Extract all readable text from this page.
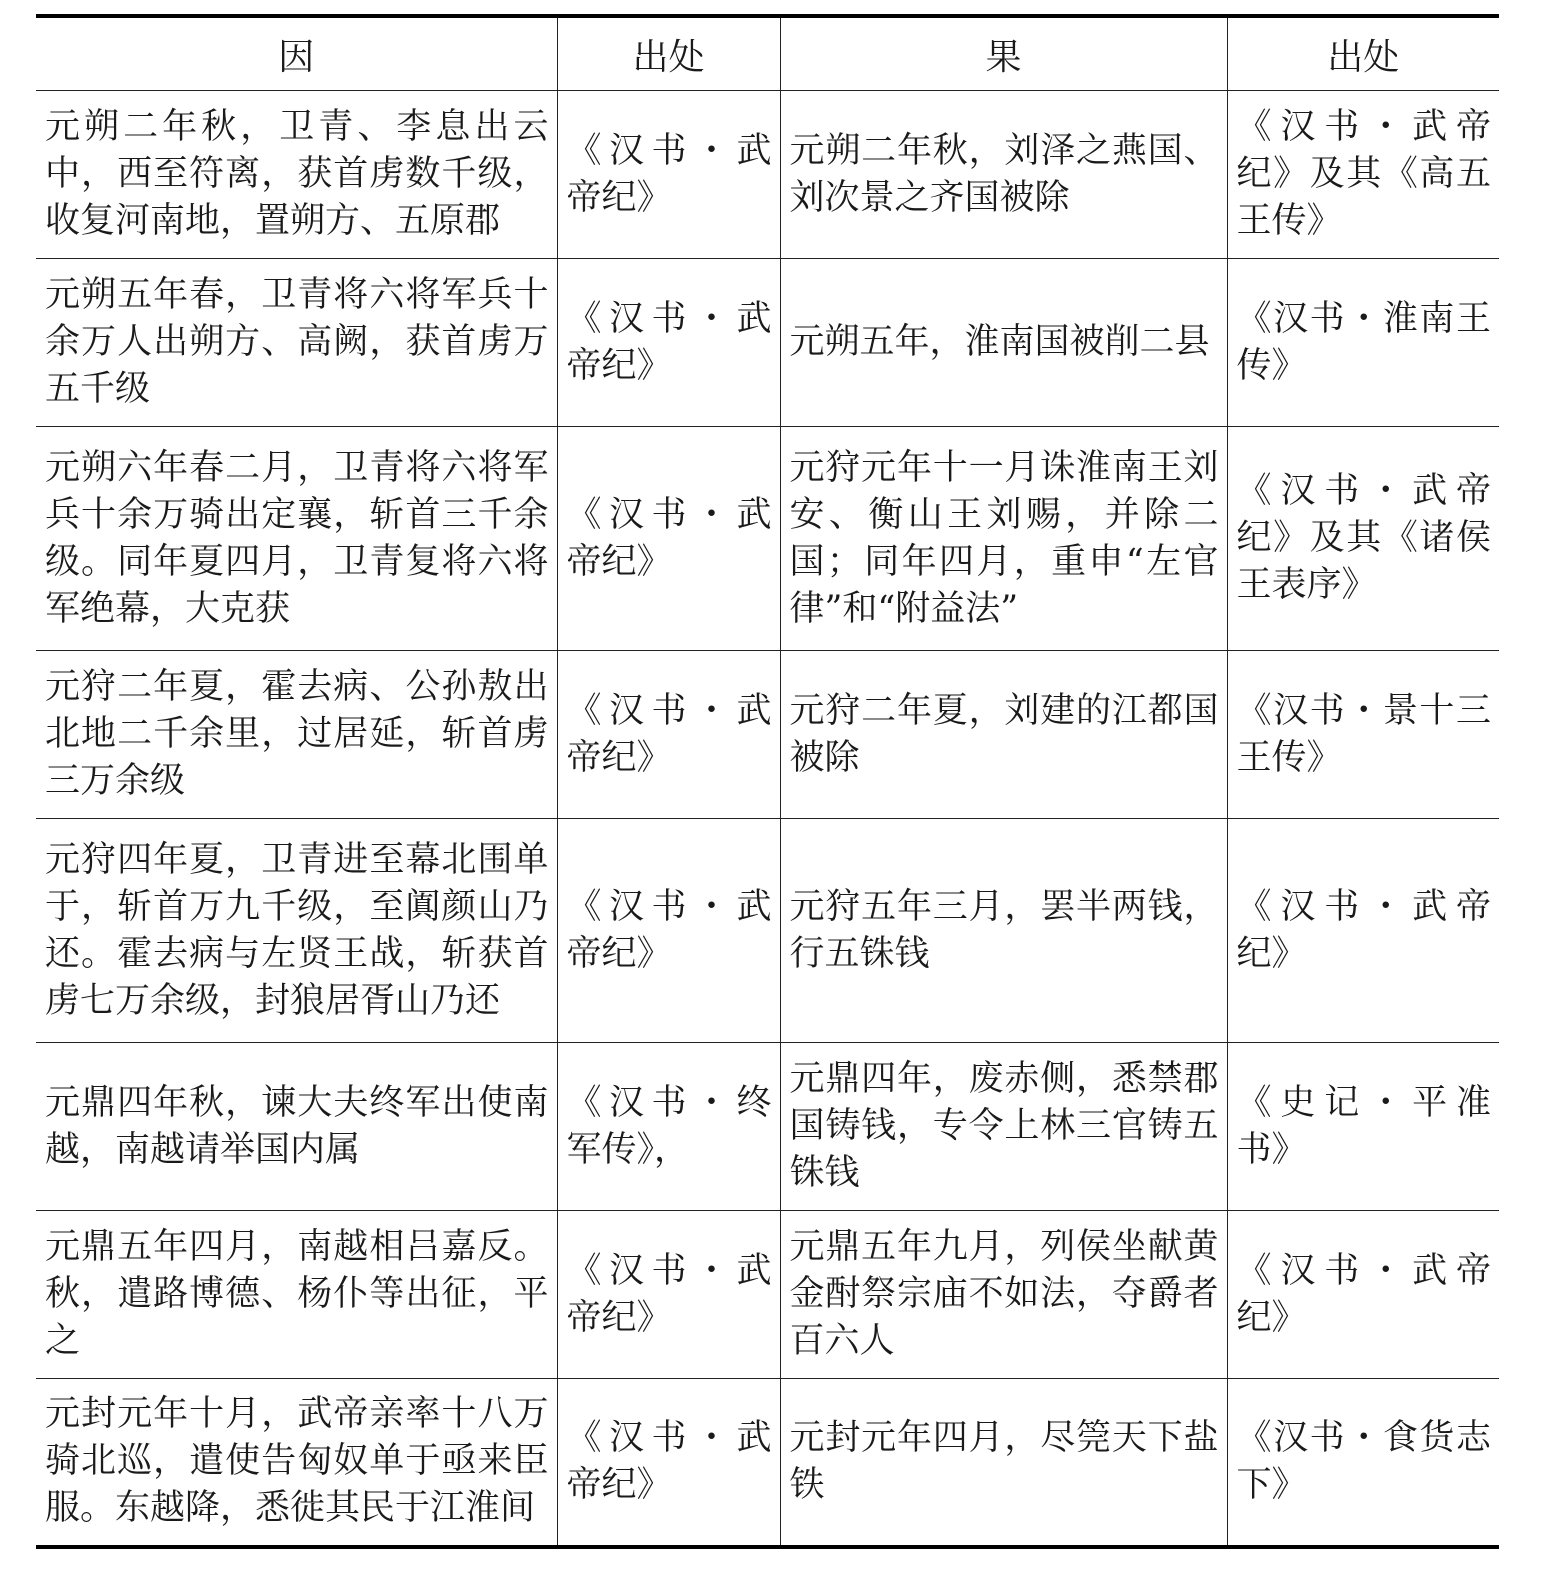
因	出处	果	出处
元朔二年秋，卫青、李息出云中，西至符离，获首虏数千级，收复河南地，置朔方、五原郡	《汉书・武帝纪》	元朔二年秋，刘泽之燕国、刘次景之齐国被除	《汉书・武帝纪》及其《高五王传》
元朔五年春，卫青将六将军兵十余万人出朔方、高阙，获首虏万五千级	《汉书・武帝纪》	元朔五年，淮南国被削二县	《汉书・淮南王传》
元朔六年春二月，卫青将六将军兵十余万骑出定襄，斩首三千余级。同年夏四月，卫青复将六将军绝幕，大克获	《汉书・武帝纪》	元狩元年十一月诛淮南王刘安、衡山王刘赐，并除二国；同年四月，重申“左官律”和“附益法”	《汉书・武帝纪》及其《诸侯王表序》
元狩二年夏，霍去病、公孙敖出北地二千余里，过居延，斩首虏三万余级	《汉书・武帝纪》	元狩二年夏，刘建的江都国被除	《汉书・景十三王传》
元狩四年夏，卫青进至幕北围单于，斩首万九千级，至阗颜山乃还。霍去病与左贤王战，斩获首虏七万余级，封狼居胥山乃还	《汉书・武帝纪》	元狩五年三月，罢半两钱，行五铢钱	《汉书・武帝纪》
元鼎四年秋，谏大夫终军出使南越，南越请举国内属	《汉书・终军传》，	元鼎四年，废赤侧，悉禁郡国铸钱，专令上林三官铸五铢钱	《史记・平准书》
元鼎五年四月，南越相吕嘉反。秋，遣路博德、杨仆等出征，平之	《汉书・武帝纪》	元鼎五年九月，列侯坐献黄金酎祭宗庙不如法，夺爵者百六人	《汉书・武帝纪》
元封元年十月，武帝亲率十八万骑北巡，遣使告匈奴单于亟来臣服。东越降，悉徙其民于江淮间	《汉书・武帝纪》	元封元年四月，尽筦天下盐铁	《汉书・食货志下》
